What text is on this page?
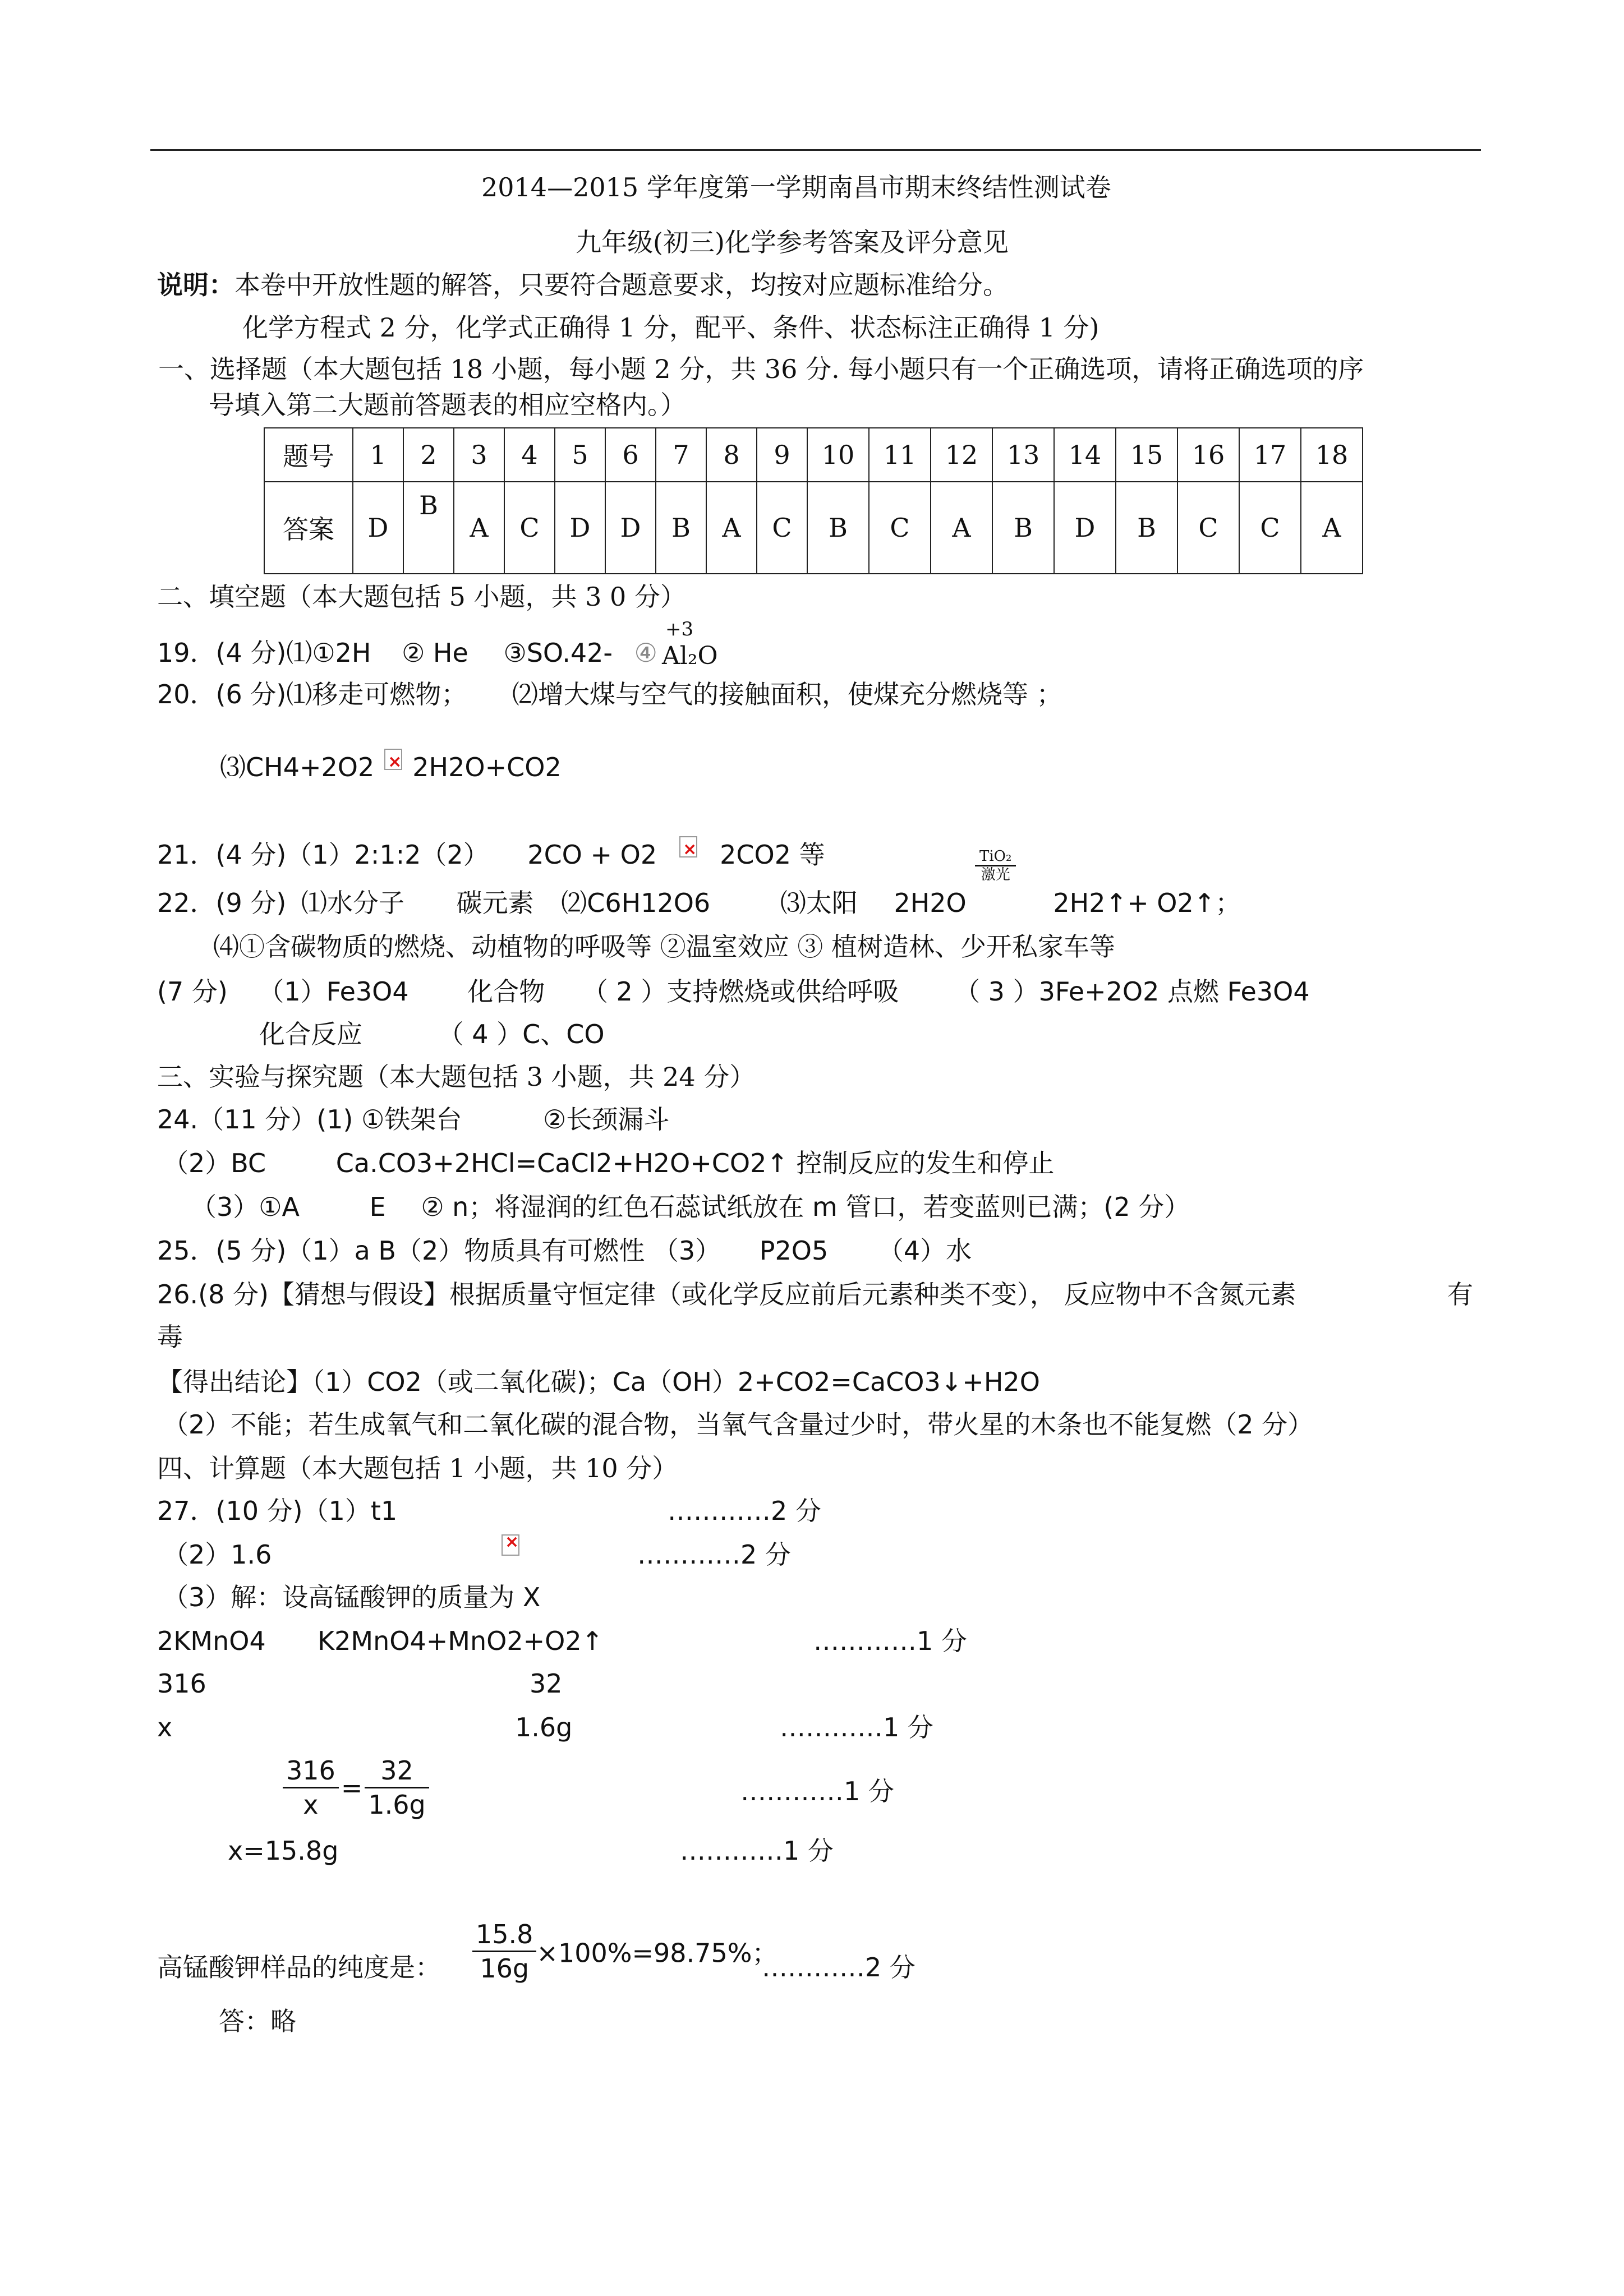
2014—2015 学年度第一学期南昌市期末终结性测试卷
九年级(初三)化学参考答案及评分意见
说明：本卷中开放性题的解答，只要符合题意要求，均按对应题标准给分。
化学方程式 2 分，化学式正确得 1 分，配平、条件、状态标注正确得 1 分)
一、选择题（本大题包括 18 小题，每小题 2 分，共 36 分. 每小题只有一个正确选项，请将正确选项的序
号填入第二大题前答题表的相应空格内。）
题号	1	2	3	4	5	6	7	8	9	10	11	12	13	14	15	16	17	18
答案	D	B	A	C	D	D	B	A	C	B	C	A	B	D	B	C	C	A
二、填空题（本大题包括 5 小题，共 3 0 分）
19．(4 分)⑴①2H ② He ③SO.42- ④
+3
Al₂O
20．(6 分)⑴移走可燃物； ⑵增大煤与空气的接触面积，使煤充分燃烧等 ；
⑶CH4+2O2 × 2H2O+CO2
21．(4 分)（1）2:1:2（2） 2CO + O2 × 2CO2 等	TiO₂
激光
22．(9 分) ⑴水分子 碳元素 ⑵C6H12O6	⑶太阳 2H2O	2H2↑+ O2↑；
⑷①含碳物质的燃烧、动植物的呼吸等 ②温室效应 ③ 植树造林、少开私家车等
(7 分) （1）Fe3O4 化合物 （ 2 ）支持燃烧或供给呼吸 （ 3 ）3Fe+2O2 点燃 Fe3O4
化合反应	（ 4 ）C、CO
三、实验与探究题（本大题包括 3 小题，共 24 分）
24.（11 分）(1) ①铁架台	②长颈漏斗
（2）BC	Ca.CO3+2HCl=CaCl2+H2O+CO2↑ 控制反应的发生和停止
（3）①A	E ② n；将湿润的红色石蕊试纸放在 m 管口，若变蓝则已满；(2 分）
25．(5 分)（1）a B（2）物质具有可燃性 （3） P2O5 （4）水
26.(8 分)【猜想与假设】根据质量守恒定律（或化学反应前后元素种类不变）， 反应物中不含氮元素	有
毒
【得出结论】（1）CO2（或二氧化碳)；Ca（OH）2+CO2=CaCO3↓+H2O
（2）不能；若生成氧气和二氧化碳的混合物，当氧气含量过少时，带火星的木条也不能复燃（2 分）
四、计算题（本大题包括 1 小题，共 10 分）
27．(10 分)（1）t1	…………2 分
（2）1.6 ×	…………2 分
（3）解：设高锰酸钾的质量为 X
2KMnO4 K2MnO4+MnO2+O2↑	…………1 分
316	32
x	1.6g	…………1 分
$\frac{316}{x} = \frac{32}{1.6g}$	…………1 分
x=15.8g	…………1 分
高锰酸钾样品的纯度是： $\frac{15.8}{16g} \times 100\%=98.75\%$；
…………2 分
答：略
